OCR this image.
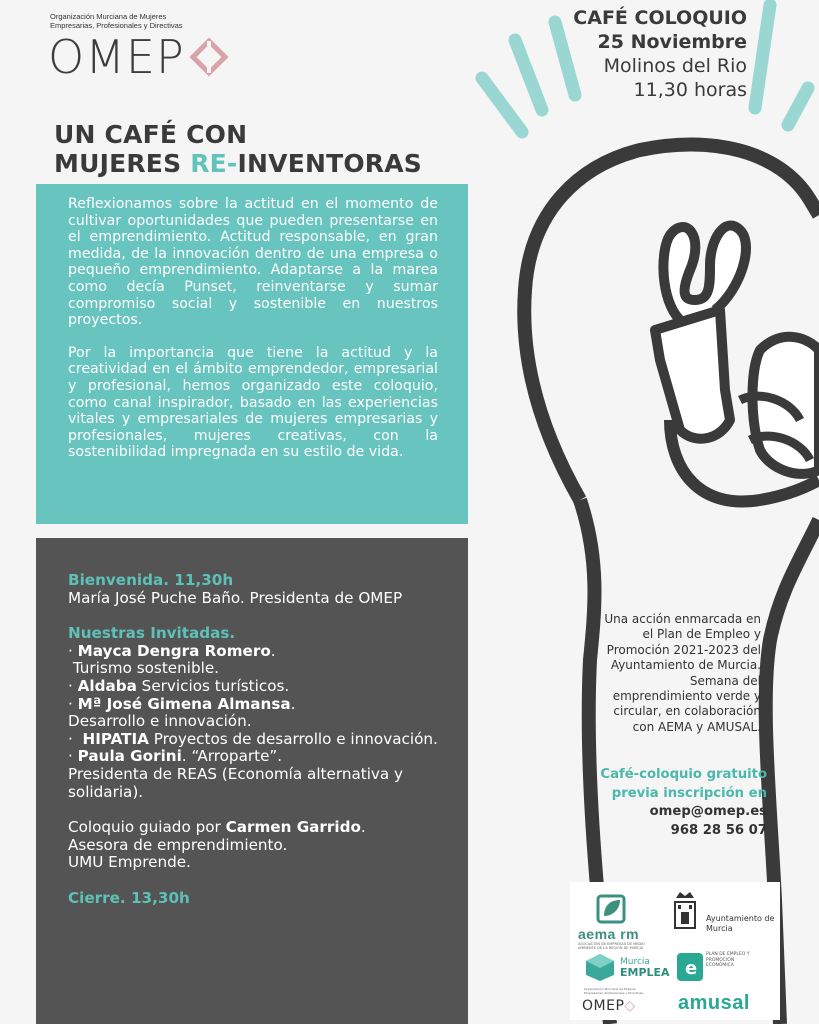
Organización Murciana de Mujeres
Empresarias, Profesionales y Directivas
OMEP
CAFÉ COLOQUIO
25 Noviembre
Molinos del Rio
11,30 horas
UN CAFÉ CON
MUJERES RE-INVENTORAS

Reflexionamos sobre la actitud en el momento de cultivar oportunidades que pueden presentarse en el emprendimiento. Actitud responsable, en gran medida, de la innovación dentro de una empresa o pequeño emprendimiento. Adaptarse a la marea como decía Punset, reinventarse y sumar compromiso social y sostenible en nuestros proyectos.

Por la importancia que tiene la actitud y la creatividad en el ámbito emprendedor, empresarial y profesional, hemos organizado este coloquio, como canal inspirador, basado en las experiencias vitales y empresariales de mujeres empresarias y profesionales, mujeres creativas, con la sostenibilidad impregnada en su estilo de vida.

Bienvenida. 11,30h
María José Puche Baño. Presidenta de OMEP
Nuestras Invitadas.
· Mayca Dengra Romero.
Turismo sostenible.
· Aldaba Servicios turísticos.
· Mª José Gimena Almansa.
Desarrollo e innovación.
·  HIPATIA Proyectos de desarrollo e innovación.
· Paula Gorini. “Arroparte”.
Presidenta de REAS (Economía alternativa y solidaria).
Coloquio guiado por Carmen Garrido.
Asesora de emprendimiento.
UMU Emprende.
Cierre. 13,30h
Una acción enmarcada en el Plan de Empleo y Promoción 2021-2023 del Ayuntamiento de Murcia. Semana del emprendimiento verde y circular, en colaboración con AEMA y AMUSAL.
Café-coloquio gratuito
previa inscripción en
omep@omep.es
968 28 56 07
aema rm
ASOCIACIÓN DE EMPRESAS DE MEDIO AMBIENTE DE LA REGIÓN DE MURCIA
Ayuntamiento de Murcia
Murcia
EMPLEA e
PLAN DE EMPLEO Y PROMOCIÓN ECONÓMICA
Organización Murciana de Mujeres Empresarias, Profesionales y Directivas
OMEP◇ amusal
